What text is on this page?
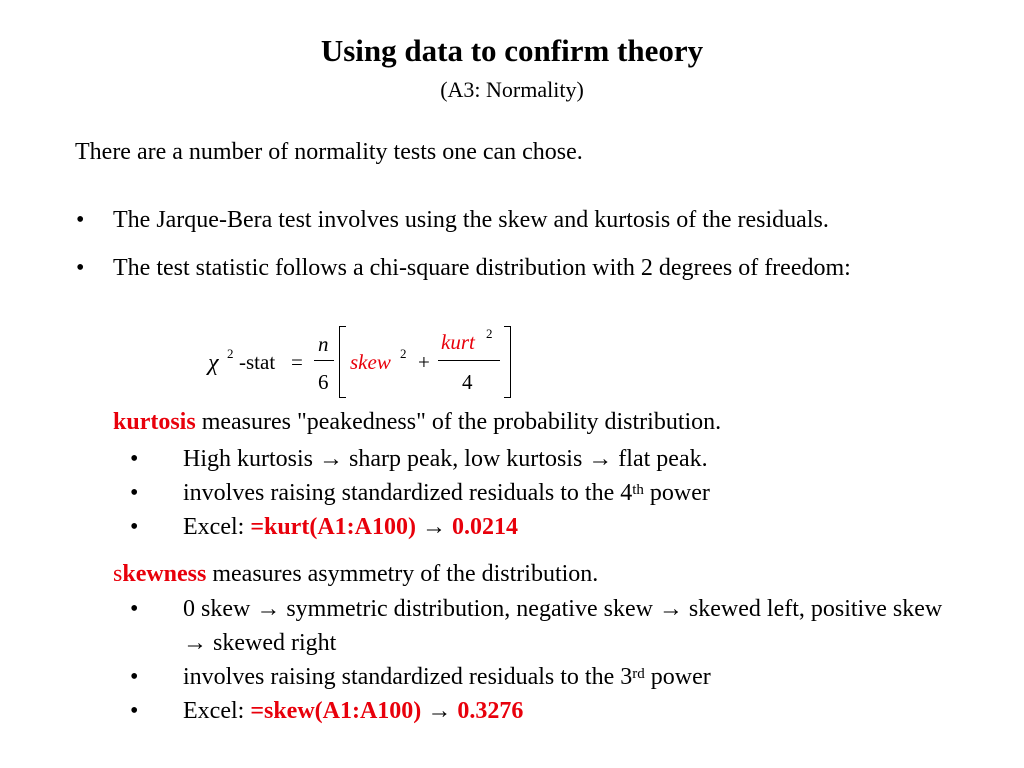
Using data to confirm theory
(A3: Normality)
There are a number of normality tests one can chose.
• The Jarque-Bera test involves using the skew and kurtosis of the residuals.
• The test statistic follows a chi-square distribution with 2 degrees of freedom:
χ 2 -stat =
n
6
skew 2 +
kurt 2
4
kurtosis measures "peakedness" of the probability distribution.
• High kurtosis → sharp peak, low kurtosis → flat peak.
• involves raising standardized residuals to the 4th power
• Excel: =kurt(A1:A100) → 0.0214
skewness measures asymmetry of the distribution.
• 0 skew → symmetric distribution, negative skew → skewed left, positive skew → skewed right
• involves raising standardized residuals to the 3rd power
• Excel: =skew(A1:A100) → 0.3276
